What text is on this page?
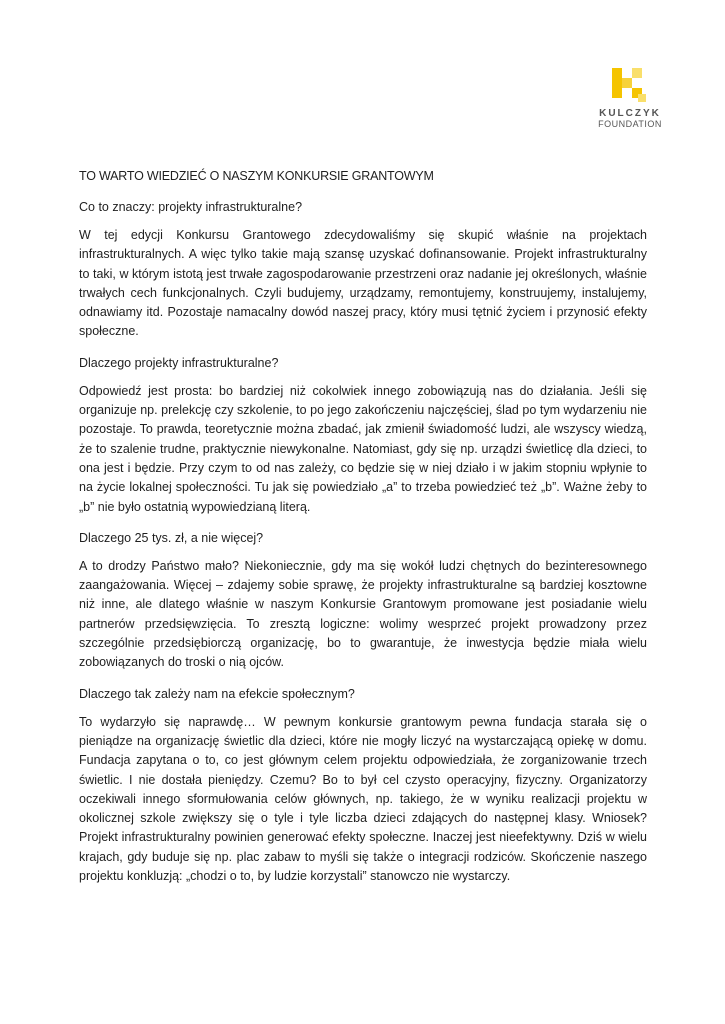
KULCZYK
FOUNDATION
TO WARTO WIEDZIEĆ O NASZYM KONKURSIE GRANTOWYM
Co to znaczy: projekty infrastrukturalne?

W tej edycji Konkursu Grantowego zdecydowaliśmy się skupić właśnie na projektach infrastrukturalnych. A więc tylko takie mają szansę uzyskać dofinansowanie. Projekt infrastrukturalny to taki, w którym istotą jest trwałe zagospodarowanie przestrzeni oraz nadanie jej określonych, właśnie trwałych cech funkcjonalnych. Czyli budujemy, urządzamy, remontujemy, konstruujemy, instalujemy, odnawiamy itd. Pozostaje namacalny dowód naszej pracy, który musi tętnić życiem i przynosić efekty społeczne.

Dlaczego projekty infrastrukturalne?

Odpowiedź jest prosta: bo bardziej niż cokolwiek innego zobowiązują nas do działania. Jeśli się organizuje np. prelekcję czy szkolenie, to po jego zakończeniu najczęściej, ślad po tym wydarzeniu nie pozostaje. To prawda, teoretycznie można zbadać, jak zmienił świadomość ludzi, ale wszyscy wiedzą, że to szalenie trudne, praktycznie niewykonalne. Natomiast, gdy się np. urządzi świetlicę dla dzieci, to ona jest i będzie. Przy czym to od nas zależy, co będzie się w niej działo i w jakim stopniu wpłynie to na życie lokalnej społeczności. Tu jak się powiedziało „a” to trzeba powiedzieć też „b”. Ważne żeby to „b” nie było ostatnią wypowiedzianą literą.

Dlaczego 25 tys. zł, a nie więcej?

A to drodzy Państwo mało? Niekoniecznie, gdy ma się wokół ludzi chętnych do bezinteresownego zaangażowania. Więcej – zdajemy sobie sprawę, że projekty infrastrukturalne są bardziej kosztowne niż inne, ale dlatego właśnie w naszym Konkursie Grantowym promowane jest posiadanie wielu partnerów przedsięwzięcia. To zresztą logiczne: wolimy wesprzeć projekt prowadzony przez szczególnie przedsiębiorczą organizację, bo to gwarantuje, że inwestycja będzie miała wielu zobowiązanych do troski o nią ojców.

Dlaczego tak zależy nam na efekcie społecznym?

To wydarzyło się naprawdę… W pewnym konkursie grantowym pewna fundacja starała się o pieniądze na organizację świetlic dla dzieci, które nie mogły liczyć na wystarczającą opiekę w domu. Fundacja zapytana o to, co jest głównym celem projektu odpowiedziała, że zorganizowanie trzech świetlic. I nie dostała pieniędzy. Czemu? Bo to był cel czysto operacyjny, fizyczny. Organizatorzy oczekiwali innego sformułowania celów głównych, np. takiego, że w wyniku realizacji projektu w okolicznej szkole zwiększy się o tyle i tyle liczba dzieci zdających do następnej klasy. Wniosek? Projekt infrastrukturalny powinien generować efekty społeczne. Inaczej jest nieefektywny. Dziś w wielu krajach, gdy buduje się np. plac zabaw to myśli się także o integracji rodziców. Skończenie naszego projektu konkluzją: „chodzi o to, by ludzie korzystali” stanowczo nie wystarczy.
